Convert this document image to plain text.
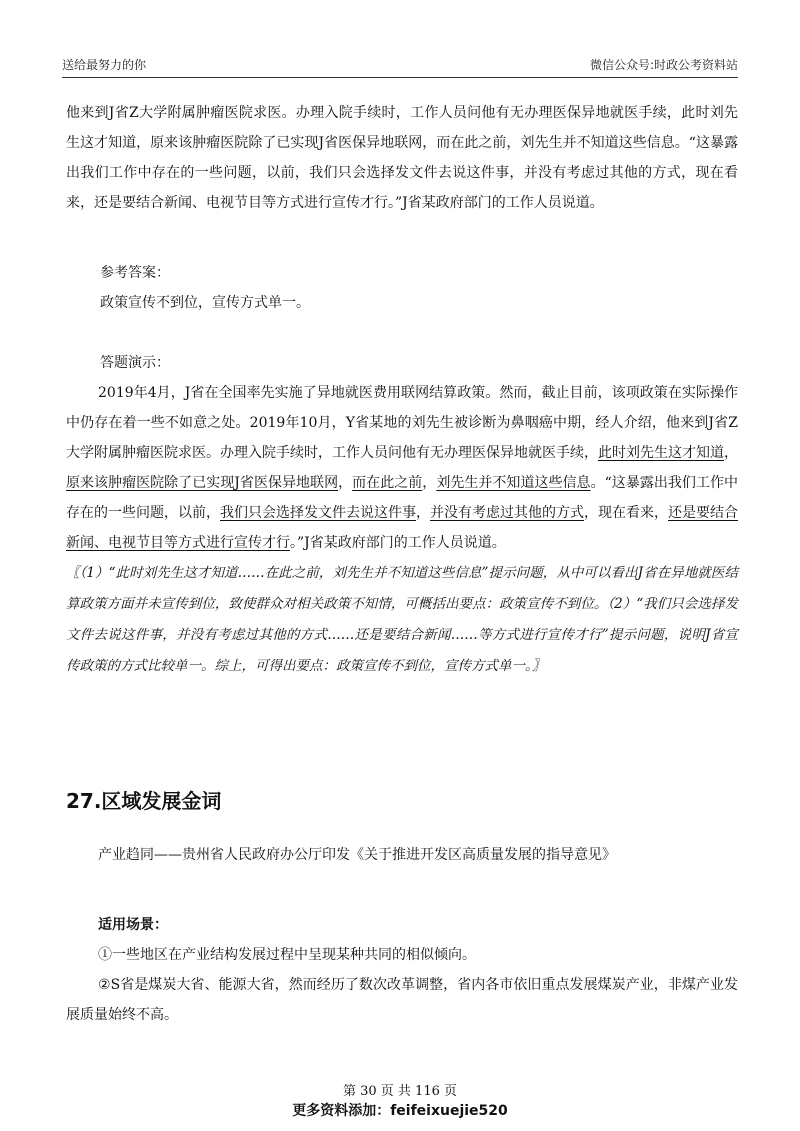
送给最努力的你	微信公众号:时政公考资料站

他来到J省Z大学附属肿瘤医院求医。办理入院手续时，工作人员问他有无办理医保异地就医手续，此时刘先生这才知道，原来该肿瘤医院除了已实现J省医保异地联网，而在此之前，刘先生并不知道这些信息。“这暴露出我们工作中存在的一些问题，以前，我们只会选择发文件去说这件事，并没有考虑过其他的方式，现在看来，还是要结合新闻、电视节目等方式进行宣传才行。”J省某政府部门的工作人员说道。

参考答案：

政策宣传不到位，宣传方式单一。

答题演示：

2019年4月，J省在全国率先实施了异地就医费用联网结算政策。然而，截止目前，该项政策在实际操作中仍存在着一些不如意之处。2019年10月，Y省某地的刘先生被诊断为鼻咽癌中期，经人介绍，他来到J省Z大学附属肿瘤医院求医。办理入院手续时，工作人员问他有无办理医保异地就医手续，此时刘先生这才知道，原来该肿瘤医院除了已实现J省医保异地联网，而在此之前，刘先生并不知道这些信息。“这暴露出我们工作中存在的一些问题，以前，我们只会选择发文件去说这件事，并没有考虑过其他的方式，现在看来，还是要结合新闻、电视节目等方式进行宣传才行。”J省某政府部门的工作人员说道。

〖（1）“此时刘先生这才知道……在此之前，刘先生并不知道这些信息”提示问题，从中可以看出J省在异地就医结算政策方面并未宣传到位，致使群众对相关政策不知情，可概括出要点：政策宣传不到位。（2）“我们只会选择发文件去说这件事，并没有考虑过其他的方式……还是要结合新闻……等方式进行宣传才行”提示问题，说明J省宣传政策的方式比较单一。综上，可得出要点：政策宣传不到位，宣传方式单一。〗

27.区域发展金词

产业趋同——贵州省人民政府办公厅印发《关于推进开发区高质量发展的指导意见》

适用场景：

①一些地区在产业结构发展过程中呈现某种共同的相似倾向。

②S省是煤炭大省、能源大省，然而经历了数次改革调整，省内各市依旧重点发展煤炭产业，非煤产业发展质量始终不高。

第 30 页 共 116 页
更多资料添加：feifeixuejie520
